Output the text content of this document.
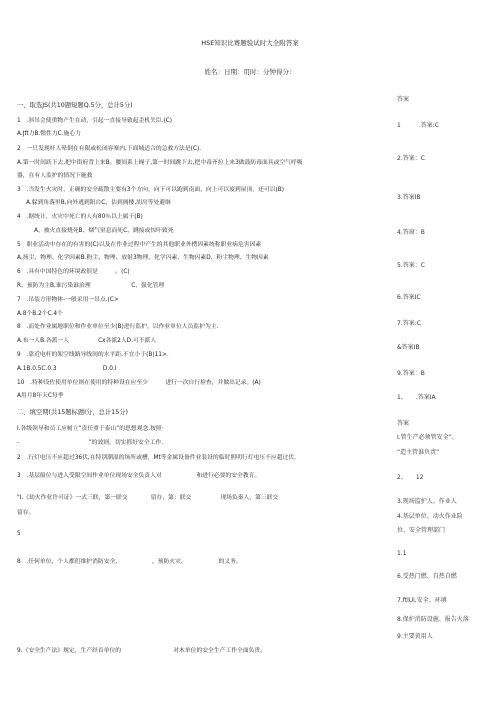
HSE知识比赛题验试时大全附答案
姓名：日期：用时：分钟得分：
一、取选JS(共10题短题Q.5分，总计5分)
1　.斜吊会使重物产生在动，引起一直接导致起歪机失臣.(C)
A.Jft力B.惯性力C.施心力
2　一只发现杆人晕倒在有限或松闭容寨内,下面城适合的急救方法是(C).
A.第一时间跃下去,把中街府背上来B。腰间系上绳子,第一时间跳下去,把中毒齐拉上来3做鼓防毒面具或空气呼吸
器，在有人监护的情况下施救
3　.当发生火灾时，正确的安全疏散主要有3个方向，向下可以跑到南面，向上可以废到屋顶，还可以(B)
A.躲到角落里B,向外逃到阳台C、估到阁楼,胡房等处避继
4　.据统计，火灾中死亡的人有80％以上属于(B)
A、被火直接烧死B、烟气窒息而死C、跳接或惊吓致死
5　职业活动中存在的有害的(C)以及在作业过程中产生的其他职业外楞因素统称职业病危害因素
A,扬尘、物理、化学因素B.粉尘、物理、放射3物理、化学闪素、生物闪素D、粉尘物理、生物因素
6　.具有中国特色的环境政很是　　　。(C)
R、预防为主B,谁污染谁治理　　　　　　　C、强化管理
7　.吊装方形物体-一般采用一吊点.(C>
A.8个B.2个C.4个
8　.而处作业属地职位和作业单位至少(B)进行监护，以作业单位人员监护为主.
A.布一人B.各派一人　　　　　Cx各派2人D.可不派人
9　.靠近电杆的架空线路导线间的水平距,不宜小于(B)11>.
A.1B.0.5C.0.3　　　　　　　　D.0.I
10　.特种设佐使用单位则在使用的特种设在应至少　　　进行一次自行检查，并做出记录。(A)
A用月8年天C每季
二、填空期(共15题标题I分，总计15分)
I.各级领导和员工应树立“责任重于泰山”的思想观念.按照·
-　　　　　　　　　　　　”的效则，切实抓好安全工作.
2　.行灯电压不应超过36伏,在特别潮湿的场所或槽，Mt等金属设备件业装设的临时照明行灯电压不应超过伏.
3　.基层船位与进入受限空间作业单位现场安全负责人对　　　　　　和进行必要的安全教育。
"I.《劫火作业许可证》一式三联，第一联交　　　　留存，第：联交　　　　　现场负秦人，第三联交
留存。
5
8　.任何单位、个人都们维护消防安全,　　　　　　、预防火灾、　　　　　　的义务。
9.《安全生产法》规定，生产经首单位的　　　　　　　　　对木单位的安全生产工作全面负贵。
答案
1　　　.答案:C
2.答案：C
3.答案IB
4.答窗：B
5.答案：C
6.答案IC
7.答案:C
&答案IB
9.答案：B
1。　　.答案IA
答案
I.管生产必须管安全”、
“造主管谁负责”
2。　　12
3.现场监护人、作业人
4.基层单位、动火作业险
位、安全管理部门
1.1
6.受热门燃、自热自燃
7.ftlUi,安全、环填
8.保护消防设施、报告火落
9.主要黄用人
